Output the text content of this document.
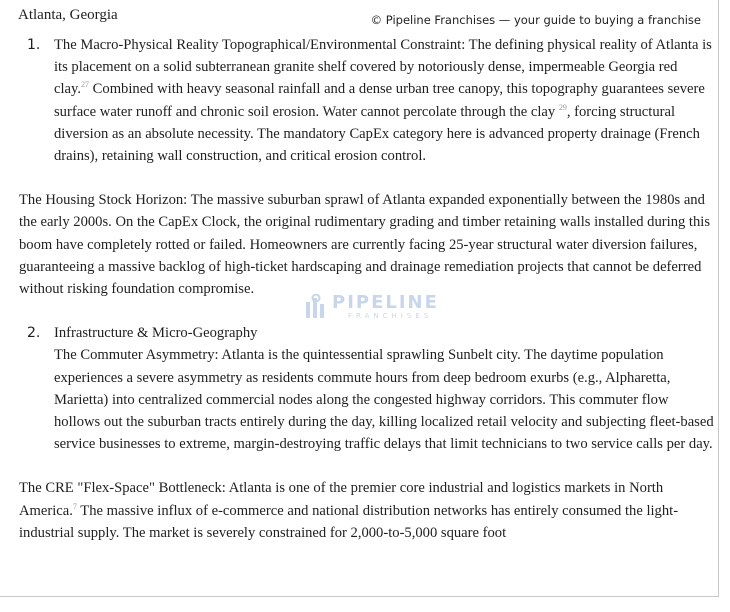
Atlanta, Georgia	© Pipeline Franchises — your guide to buying a franchise
1. The Macro-Physical Reality Topographical/Environmental Constraint: The defining physical reality of Atlanta is its placement on a solid subterranean granite shelf covered by notoriously dense, impermeable Georgia red clay.$^{27}$ Combined with heavy seasonal rainfall and a dense urban tree canopy, this topography guarantees severe surface water runoff and chronic soil erosion. Water cannot percolate through the clay $^{29}$, forcing structural diversion as an absolute necessity. The mandatory CapEx category here is advanced property drainage (French drains), retaining wall construction, and critical erosion control.
The Housing Stock Horizon: The massive suburban sprawl of Atlanta expanded exponentially between the 1980s and the early 2000s. On the CapEx Clock, the original rudimentary grading and timber retaining walls installed during this boom have completely rotted or failed. Homeowners are currently facing 25-year structural water diversion failures, guaranteeing a massive backlog of high-ticket hardscaping and drainage remediation projects that cannot be deferred without risking foundation compromise.
2. Infrastructure & Micro-Geography
The Commuter Asymmetry: Atlanta is the quintessential sprawling Sunbelt city. The daytime population experiences a severe asymmetry as residents commute hours from deep bedroom exurbs (e.g., Alpharetta, Marietta) into centralized commercial nodes along the congested highway corridors. This commuter flow hollows out the suburban tracts entirely during the day, killing localized retail velocity and subjecting fleet-based service businesses to extreme, margin-destroying traffic delays that limit technicians to two service calls per day.
The CRE "Flex-Space" Bottleneck: Atlanta is one of the premier core industrial and logistics markets in North America.$^7$ The massive influx of e-commerce and national distribution networks has entirely consumed the light-industrial supply. The market is severely constrained for 2,000-to-5,000 square foot
PIPELINE
FRANCHISES
